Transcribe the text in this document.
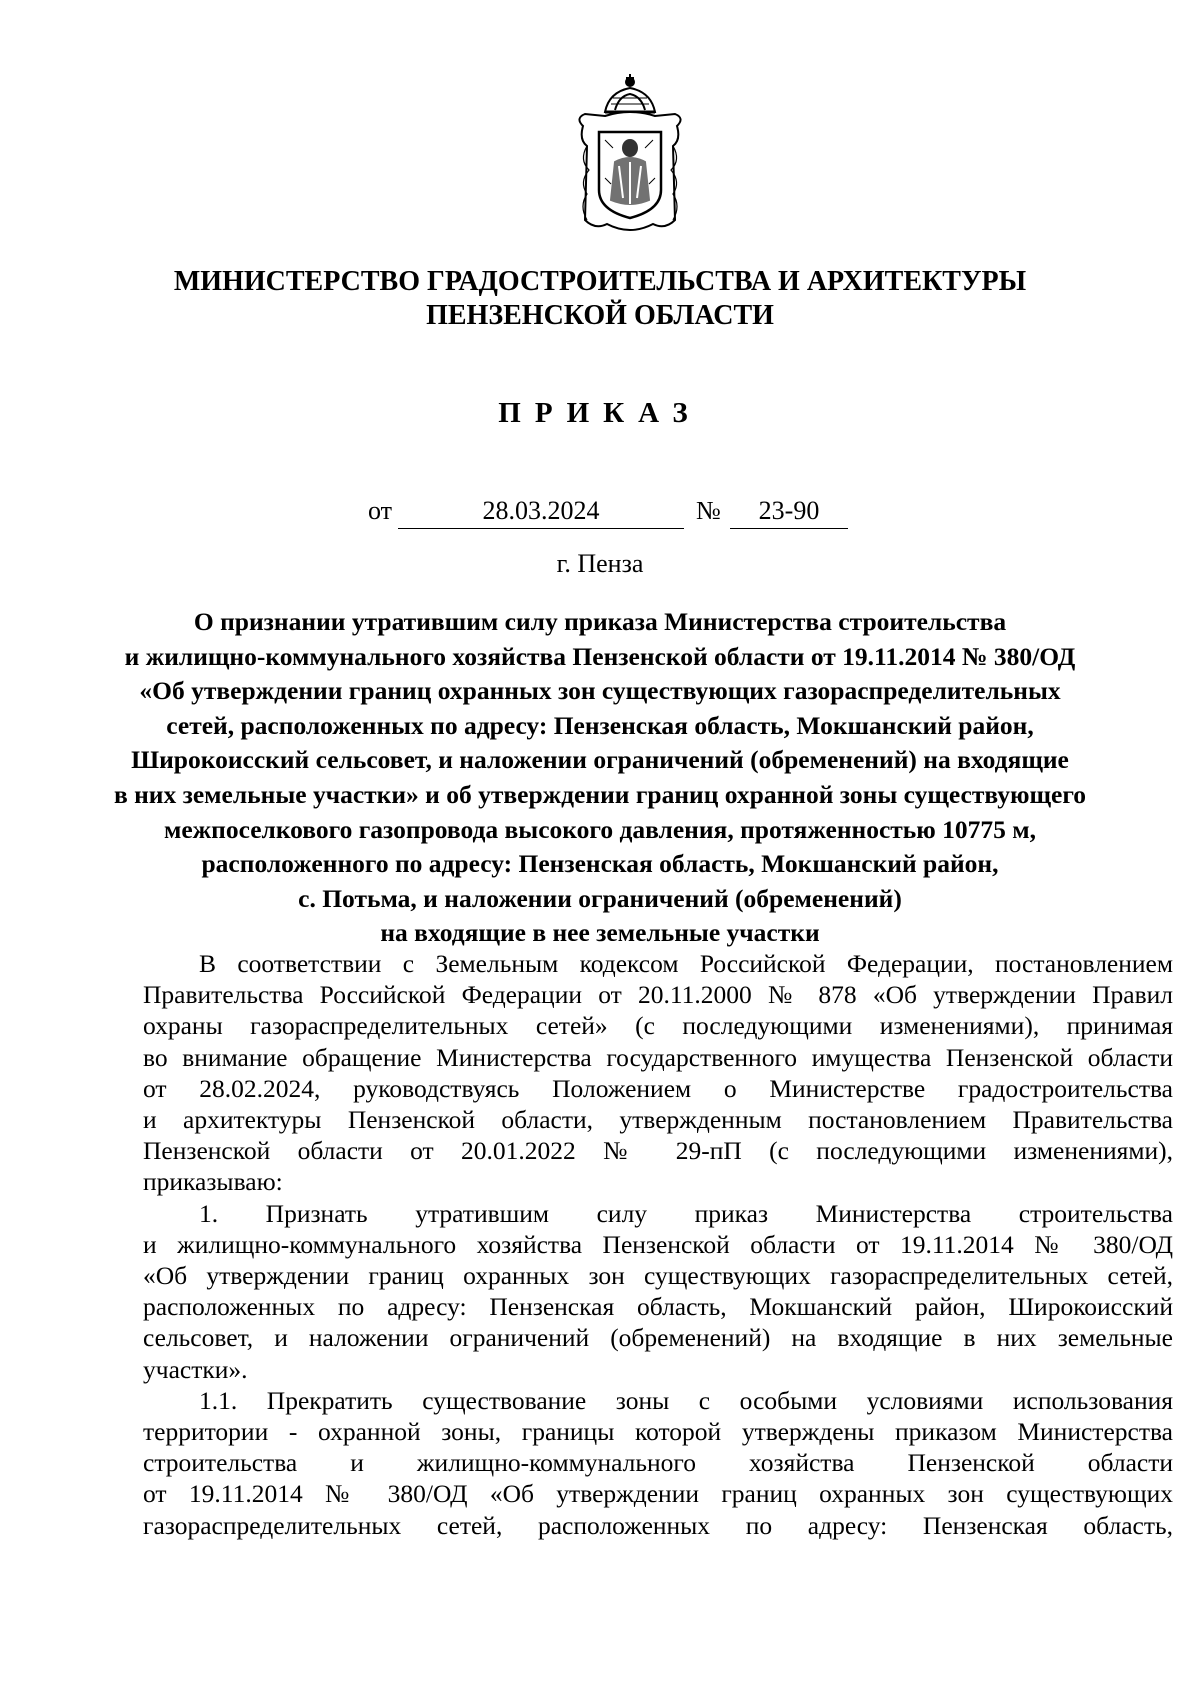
МИНИСТЕРСТВО ГРАДОСТРОИТЕЛЬСТВА И АРХИТЕКТУРЫ
ПЕНЗЕНСКОЙ ОБЛАСТИ
ПРИКАЗ
от	28.03.2024	№	23-90
г. Пенза
О признании утратившим силу приказа Министерства строительства
и жилищно-коммунального хозяйства Пензенской области от 19.11.2014 № 380/ОД
«Об утверждении границ охранных зон существующих газораспределительных
сетей, расположенных по адресу: Пензенская область, Мокшанский район,
Широкоисский сельсовет, и наложении ограничений (обременений) на входящие
в них земельные участки» и об утверждении границ охранной зоны существующего
межпоселкового газопровода высокого давления, протяженностью 10775 м,
расположенного по адресу: Пензенская область, Мокшанский район,
с. Потьма, и наложении ограничений (обременений)
на входящие в нее земельные участки
В соответствии с Земельным кодексом Российской Федерации, постановлением
Правительства Российской Федерации от 20.11.2000 № 878 «Об утверждении Правил
охраны газораспределительных сетей» (с последующими изменениями), принимая
во внимание обращение Министерства государственного имущества Пензенской области
от 28.02.2024, руководствуясь Положением о Министерстве градостроительства
и архитектуры Пензенской области, утвержденным постановлением Правительства
Пензенской области от 20.01.2022 № 29-пП (с последующими изменениями),
приказываю:
1. Признать утратившим силу приказ Министерства строительства
и жилищно-коммунального хозяйства Пензенской области от 19.11.2014 № 380/ОД
«Об утверждении границ охранных зон существующих газораспределительных сетей,
расположенных по адресу: Пензенская область, Мокшанский район, Широкоисский
сельсовет, и наложении ограничений (обременений) на входящие в них земельные
участки».
1.1. Прекратить существование зоны с особыми условиями использования
территории - охранной зоны, границы которой утверждены приказом Министерства
строительства и жилищно-коммунального хозяйства Пензенской области
от 19.11.2014 № 380/ОД «Об утверждении границ охранных зон существующих
газораспределительных сетей, расположенных по адресу: Пензенская область,
